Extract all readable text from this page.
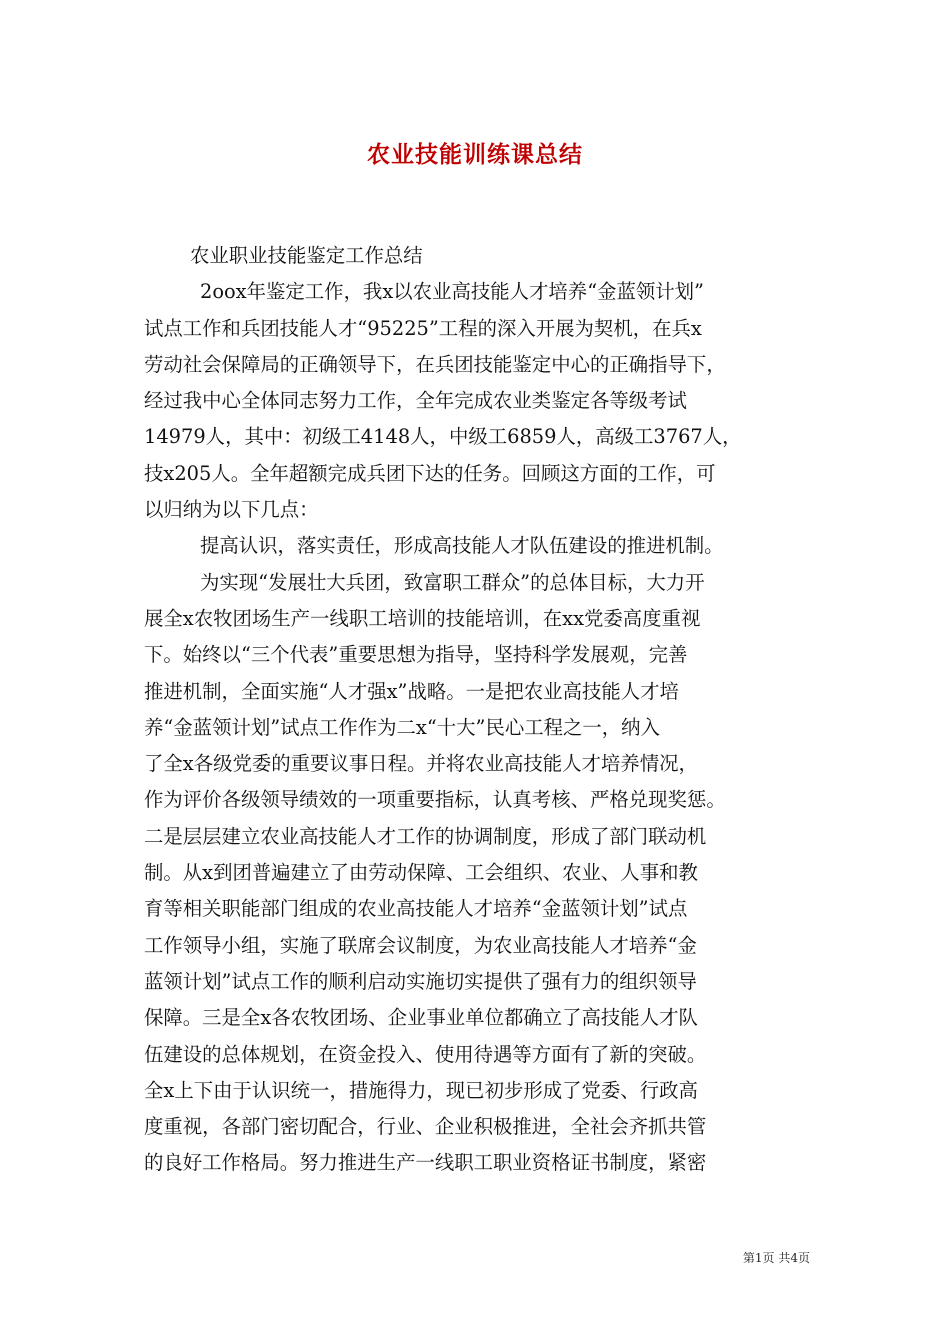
农业技能训练课总结
农业职业技能鉴定工作总结
2oox年鉴定工作，我x以农业高技能人才培养“金蓝领计划”
试点工作和兵团技能人才“95225”工程的深入开展为契机，在兵x
劳动社会保障局的正确领导下，在兵团技能鉴定中心的正确指导下，
经过我中心全体同志努力工作，全年完成农业类鉴定各等级考试
14979人，其中：初级工4148人，中级工6859人，高级工3767人，
技x205人。全年超额完成兵团下达的任务。回顾这方面的工作，可
以归纳为以下几点：
提高认识，落实责任，形成高技能人才队伍建设的推进机制。
为实现“发展壮大兵团，致富职工群众”的总体目标，大力开
展全x农牧团场生产一线职工培训的技能培训，在xx党委高度重视
下。始终以“三个代表”重要思想为指导，坚持科学发展观，完善
推进机制，全面实施“人才强x”战略。一是把农业高技能人才培
养“金蓝领计划”试点工作作为二x“十大”民心工程之一，纳入
了全x各级党委的重要议事日程。并将农业高技能人才培养情况，
作为评价各级领导绩效的一项重要指标，认真考核、严格兑现奖惩。
二是层层建立农业高技能人才工作的协调制度，形成了部门联动机
制。从x到团普遍建立了由劳动保障、工会组织、农业、人事和教
育等相关职能部门组成的农业高技能人才培养“金蓝领计划”试点
工作领导小组，实施了联席会议制度，为农业高技能人才培养“金
蓝领计划”试点工作的顺利启动实施切实提供了强有力的组织领导
保障。三是全x各农牧团场、企业事业单位都确立了高技能人才队
伍建设的总体规划，在资金投入、使用待遇等方面有了新的突破。
全x上下由于认识统一，措施得力，现已初步形成了党委、行政高
度重视，各部门密切配合，行业、企业积极推进，全社会齐抓共管
的良好工作格局。努力推进生产一线职工职业资格证书制度，紧密
第1页 共4页
